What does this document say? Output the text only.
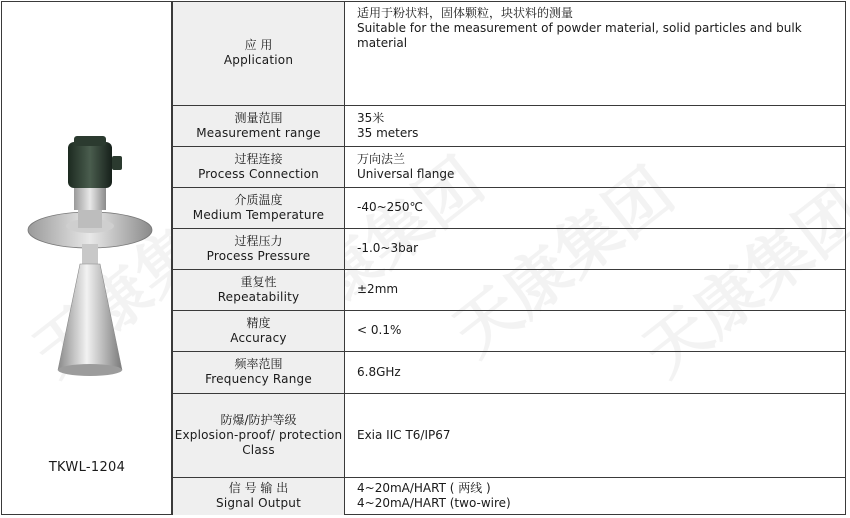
TKWL-1204
应 用
Application	适用于粉状料，固体颗粒，块状料的测量
Suitable for the measurement of powder material, solid particles and bulk material

测量范围
Measurement range	35米
35 meters

过程连接
Process Connection	万向法兰
Universal flange

介质温度
Medium Temperature	-40~250℃

过程压力
Process Pressure	-1.0~3bar

重复性
Repeatability	±2mm

精度
Accuracy	< 0.1%

频率范围
Frequency Range	6.8GHz

防爆/防护等级
Explosion-proof/ protection Class	Exia IIC T6/IP67

信 号 输 出
Signal Output	4~20mA/HART ( 两线 )
4~20mA/HART (two-wire)
